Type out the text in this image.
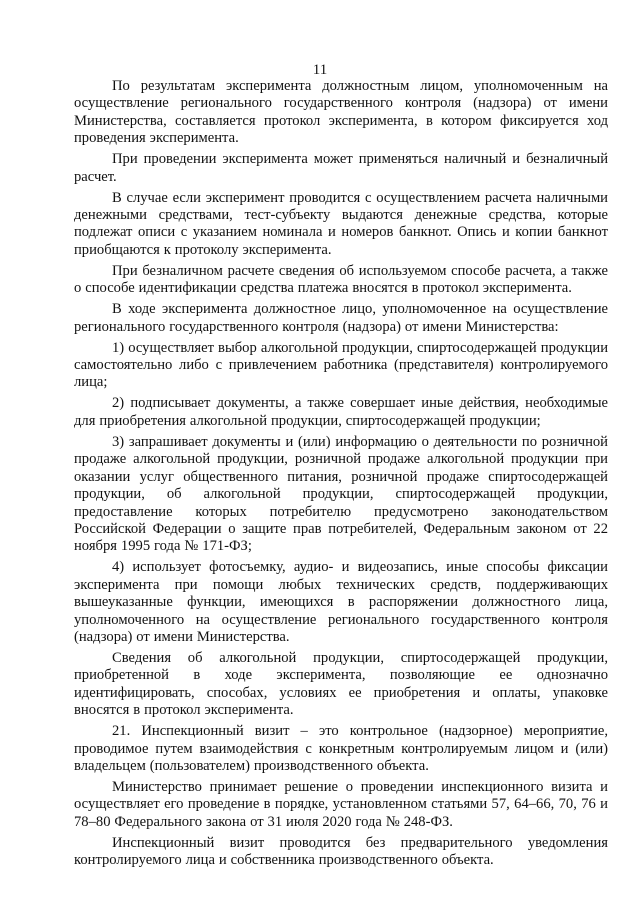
11

По результатам эксперимента должностным лицом, уполномоченным на осуществление регионального государственного контроля (надзора) от имени Министерства, составляется протокол эксперимента, в котором фиксируется ход проведения эксперимента.

При проведении эксперимента может применяться наличный и безналичный расчет.

В случае если эксперимент проводится с осуществлением расчета наличными денежными средствами, тест-субъекту выдаются денежные средства, которые подлежат описи с указанием номинала и номеров банкнот. Опись и копии банкнот приобщаются к протоколу эксперимента.

При безналичном расчете сведения об используемом способе расчета, а также о способе идентификации средства платежа вносятся в протокол эксперимента.

В ходе эксперимента должностное лицо, уполномоченное на осуществление регионального государственного контроля (надзора) от имени Министерства:

1) осуществляет выбор алкогольной продукции, спиртосодержащей продукции самостоятельно либо с привлечением работника (представителя) контролируемого лица;

2) подписывает документы, а также совершает иные действия, необходимые для приобретения алкогольной продукции, спиртосодержащей продукции;

3) запрашивает документы и (или) информацию о деятельности по розничной продаже алкогольной продукции, розничной продаже алкогольной продукции при оказании услуг общественного питания, розничной продаже спиртосодержащей продукции, об алкогольной продукции, спиртосодержащей продукции, предоставление которых потребителю предусмотрено законодательством Российской Федерации о защите прав потребителей, Федеральным законом от 22 ноября 1995 года № 171-ФЗ;

4) использует фотосъемку, аудио- и видеозапись, иные способы фиксации эксперимента при помощи любых технических средств, поддерживающих вышеуказанные функции, имеющихся в распоряжении должностного лица, уполномоченного на осуществление регионального государственного контроля (надзора) от имени Министерства.

Сведения об алкогольной продукции, спиртосодержащей продукции, приобретенной в ходе эксперимента, позволяющие ее однозначно идентифицировать, способах, условиях ее приобретения и оплаты, упаковке вносятся в протокол эксперимента.

21. Инспекционный визит – это контрольное (надзорное) мероприятие, проводимое путем взаимодействия с конкретным контролируемым лицом и (или) владельцем (пользователем) производственного объекта.

Министерство принимает решение о проведении инспекционного визита и осуществляет его проведение в порядке, установленном статьями 57, 64–66, 70, 76 и 78–80 Федерального закона от 31 июля 2020 года № 248-ФЗ.

Инспекционный визит проводится без предварительного уведомления контролируемого лица и собственника производственного объекта.
